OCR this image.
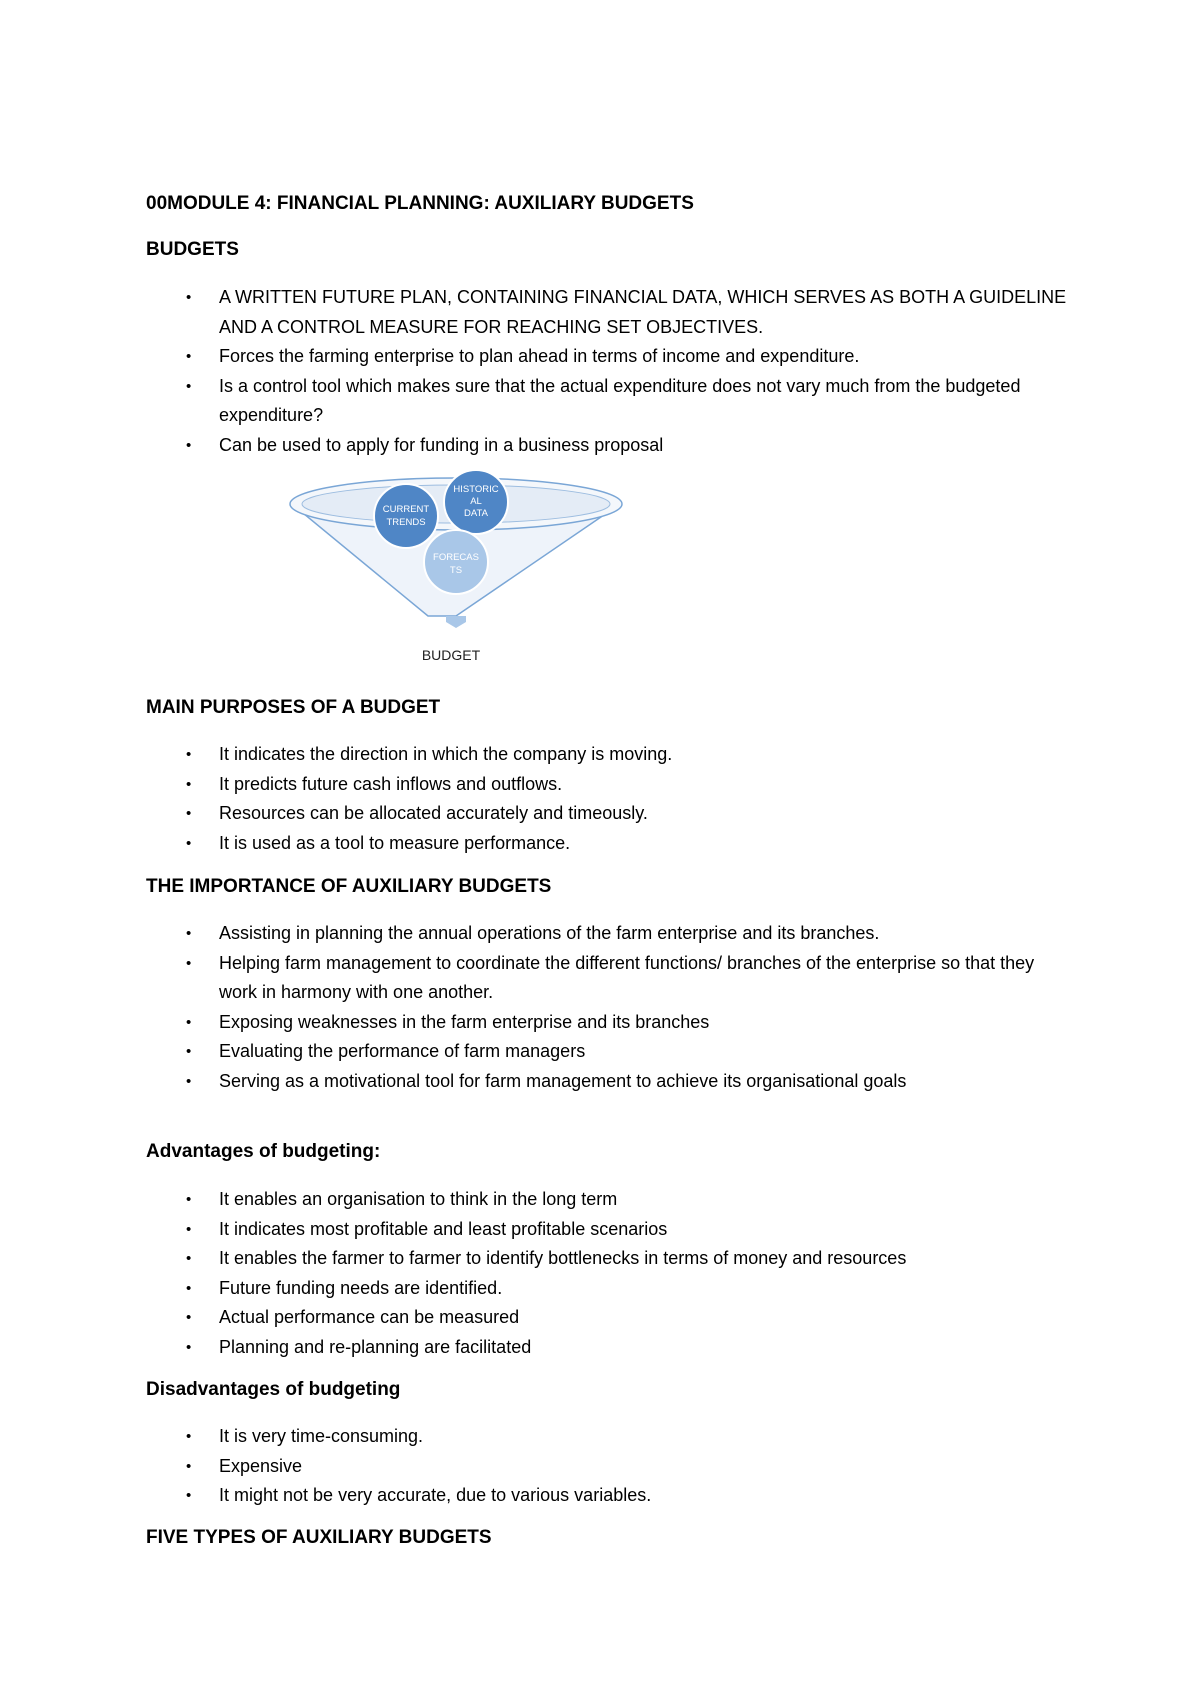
00MODULE 4: FINANCIAL PLANNING: AUXILIARY BUDGETS
BUDGETS
• A WRITTEN FUTURE PLAN, CONTAINING FINANCIAL DATA, WHICH SERVES AS BOTH A GUIDELINE AND A CONTROL MEASURE FOR REACHING SET OBJECTIVES.
• Forces the farming enterprise to plan ahead in terms of income and expenditure.
• Is a control tool which makes sure that the actual expenditure does not vary much from the budgeted expenditure?
• Can be used to apply for funding in a business proposal
CURRENT
TRENDS
HISTORIC
AL
DATA
FORECAS
TS
BUDGET
MAIN PURPOSES OF A BUDGET
• It indicates the direction in which the company is moving.
• It predicts future cash inflows and outflows.
• Resources can be allocated accurately and timeously.
• It is used as a tool to measure performance.
THE IMPORTANCE OF AUXILIARY BUDGETS
• Assisting in planning the annual operations of the farm enterprise and its branches.
• Helping farm management to coordinate the different functions/ branches of the enterprise so that they work in harmony with one another.
• Exposing weaknesses in the farm enterprise and its branches
• Evaluating the performance of farm managers
• Serving as a motivational tool for farm management to achieve its organisational goals
Advantages of budgeting:
• It enables an organisation to think in the long term
• It indicates most profitable and least profitable scenarios
• It enables the farmer to farmer to identify bottlenecks in terms of money and resources
• Future funding needs are identified.
• Actual performance can be measured
• Planning and re-planning are facilitated
Disadvantages of budgeting
• It is very time-consuming.
• Expensive
• It might not be very accurate, due to various variables.
FIVE TYPES OF AUXILIARY BUDGETS
